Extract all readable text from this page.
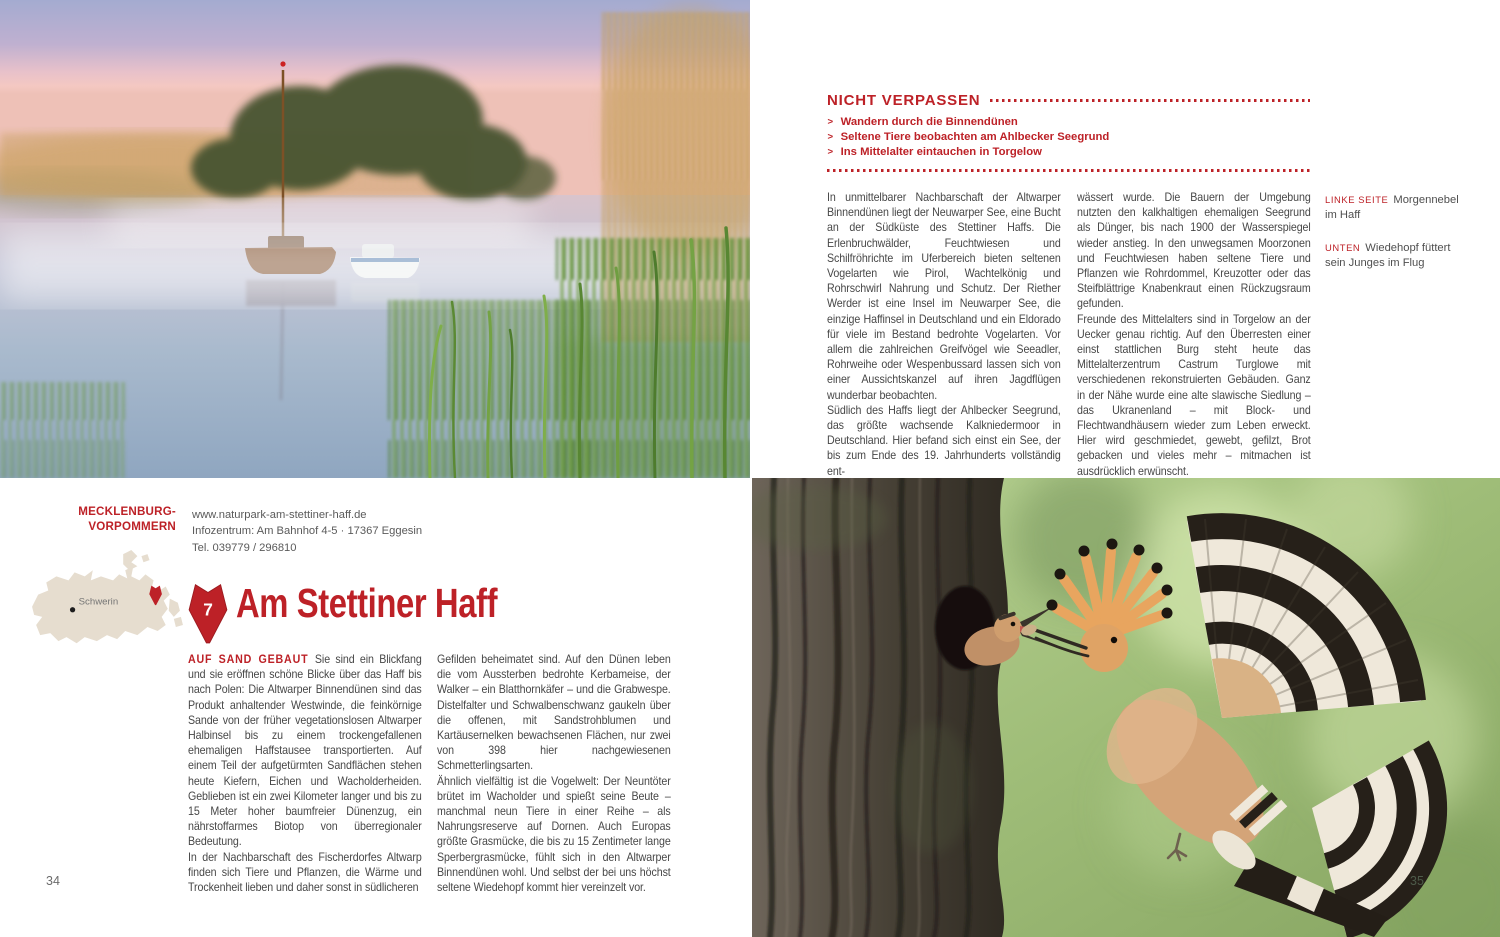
NICHT VERPASSEN
> Wandern durch die Binnendünen
> Seltene Tiere beobachten am Ahlbecker Seegrund
> Ins Mittelalter eintauchen in Torgelow

In unmittelbarer Nachbarschaft der Altwarper Binnendünen liegt der Neuwarper See, eine Bucht an der Südküste des Stettiner Haffs. Die Erlenbruchwälder, Feuchtwiesen und Schilfröhrichte im Uferbereich bieten seltenen Vogelarten wie Pirol, Wachtelkönig und Rohrschwirl Nahrung und Schutz. Der Riether Werder ist eine Insel im Neuwarper See, die einzige Haffinsel in Deutschland und ein Eldorado für viele im Bestand bedrohte Vogelarten. Vor allem die zahlreichen Greifvögel wie Seeadler, Rohrweihe oder Wespenbussard lassen sich von einer Aussichtskanzel auf ihren Jagdflügen wunderbar beobachten.

Südlich des Haffs liegt der Ahlbecker Seegrund, das größte wachsende Kalkniedermoor in Deutschland. Hier befand sich einst ein See, der bis zum Ende des 19. Jahrhunderts vollständig ent-

wässert wurde. Die Bauern der Umgebung nutzten den kalkhaltigen ehemaligen Seegrund als Dünger, bis nach 1900 der Wasserspiegel wieder anstieg. In den unwegsamen Moorzonen und Feuchtwiesen haben seltene Tiere und Pflanzen wie Rohrdommel, Kreuzotter oder das Steifblättrige Knabenkraut einen Rückzugsraum gefunden.

Freunde des Mittelalters sind in Torgelow an der Uecker genau richtig. Auf den Überresten einer einst stattlichen Burg steht heute das Mittelalterzentrum Castrum Turglowe mit verschiedenen rekonstruierten Gebäuden. Ganz in der Nähe wurde eine alte slawische Siedlung – das Ukranenland – mit Block- und Flechtwandhäusern wieder zum Leben erweckt. Hier wird geschmiedet, gewebt, gefilzt, Brot gebacken und vieles mehr – mitmachen ist ausdrücklich erwünscht.

LINKE SEITE Morgennebel im Haff
UNTEN Wiedehopf füttert sein Junges im Flug
MECKLENBURG-
VORPOMMERN
www.naturpark-am-stettiner-haff.de
Infozentrum: Am Bahnhof 4-5 · 17367 Eggesin
Tel. 039779 / 296810
Schwerin	7 Am Stettiner Haff

AUF SAND GEBAUT Sie sind ein Blickfang und sie eröffnen schöne Blicke über das Haff bis nach Polen: Die Altwarper Binnendünen sind das Produkt anhaltender Westwinde, die feinkörnige Sande von der früher vegetationslosen Altwarper Halbinsel bis zu einem trockengefallenen ehemaligen Haffstausee transportierten. Auf einem Teil der aufgetürmten Sandflächen stehen heute Kiefern, Eichen und Wacholderheiden. Geblieben ist ein zwei Kilometer langer und bis zu 15 Meter hoher baumfreier Dünenzug, ein nährstoffarmes Biotop von überregionaler Bedeutung.

In der Nachbarschaft des Fischerdorfes Altwarp finden sich Tiere und Pflanzen, die Wärme und Trockenheit lieben und daher sonst in südlicheren

Gefilden beheimatet sind. Auf den Dünen leben die vom Aussterben bedrohte Kerbameise, der Walker – ein Blatthornkäfer – und die Grabwespe. Distelfalter und Schwalbenschwanz gaukeln über die offenen, mit Sandstrohblumen und Kartäusernelken bewachsenen Flächen, nur zwei von 398 hier nachgewiesenen Schmetterlingsarten.

Ähnlich vielfältig ist die Vogelwelt: Der Neuntöter brütet im Wacholder und spießt seine Beute – manchmal neun Tiere in einer Reihe – als Nahrungsreserve auf Dornen. Auch Europas größte Grasmücke, die bis zu 15 Zentimeter lange Sperbergrasmücke, fühlt sich in den Altwarper Binnendünen wohl. Und selbst der bei uns höchst seltene Wiedehopf kommt hier vereinzelt vor.

34	35
